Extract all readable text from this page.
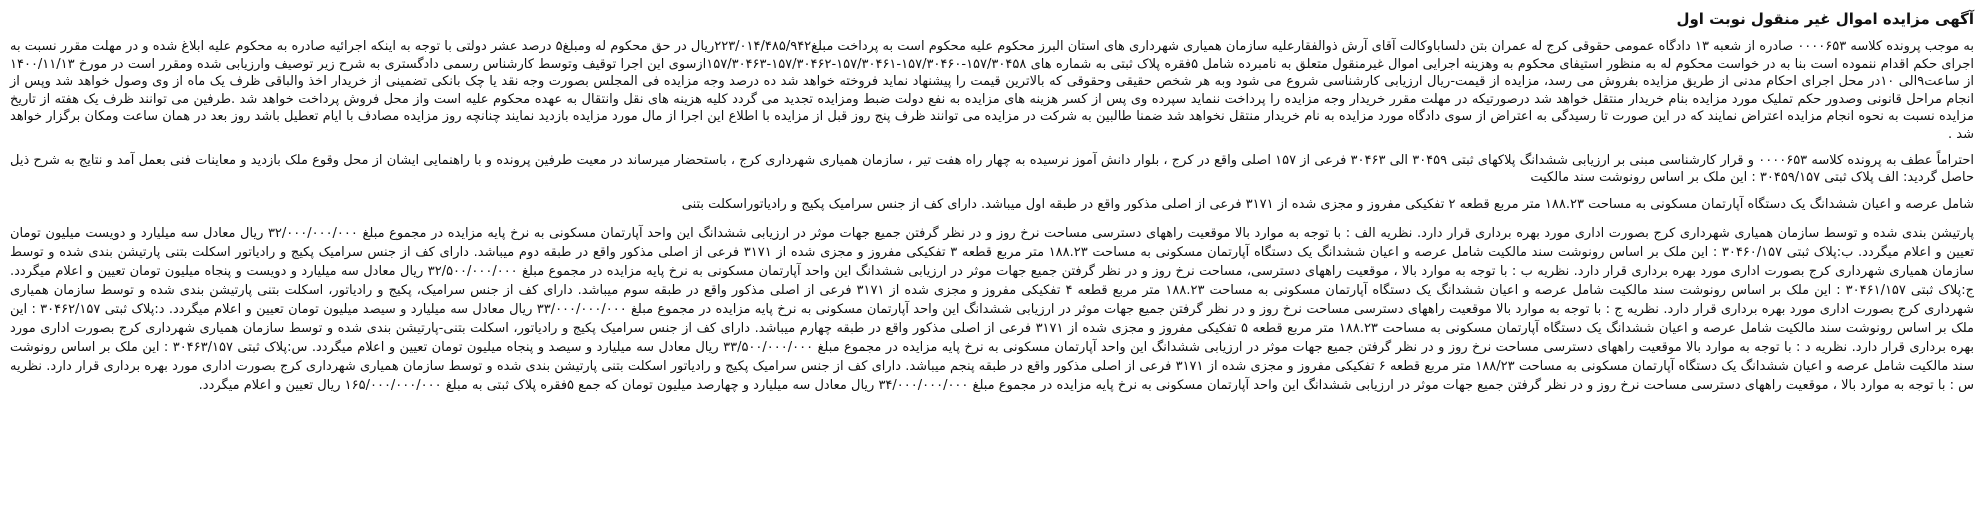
آگهی مزایده اموال غیر منقول نوبت اول

به موجب پرونده کلاسه ۰۰۰۰۶۵۳ صادره از شعبه ۱۳ دادگاه عمومی حقوقی کرج له عمران بتن دلساباوکالت آقای آرش ذوالفقارعلیه سازمان همیاری شهرداری های استان البرز محکوم علیه محکوم است به پرداخت مبلغ۲۲۳/۰۱۴/۴۸۵/۹۴۲ریال در حق محکوم له ومبلغ۵ درصد عشر دولتی با توجه به اینکه اجرائیه صادره به محکوم علیه ابلاغ شده و در مهلت مقرر نسبت به اجرای حکم اقدام ننموده است بنا به در خواست محکوم له به منظور استیفای محکوم به وهزینه اجرایی اموال غیرمنقول متعلق به نامبرده شامل ۵فقره پلاک ثبتی به شماره های ۱۵۷/۳۰۴۵۸-۱۵۷/۳۰۴۶۰-۱۵۷/۳۰۴۶۱-۱۵۷/۳۰۴۶۲-۱۵۷/۳۰۴۶۳ازسوی این اجرا توقیف وتوسط کارشناس رسمی دادگستری به شرح زیر توصیف وارزیابی شده ومقرر است در مورخ ۱۴۰۰/۱۱/۱۳ از ساعت۹الی ۱۰در محل اجرای احکام مدنی از طریق مزایده بفروش می رسد، مزایده از قیمت-ریال ارزیابی کارشناسی شروع می شود وبه هر شخص حقیقی وحقوقی که بالاترین قیمت را پیشنهاد نماید فروخته خواهد شد ده درصد وجه مزایده فی المجلس بصورت وجه نقد یا چک بانکی تضمینی از خریدار اخذ والباقی ظرف یک ماه از وی وصول خواهد شد وپس از انجام مراحل قانونی وصدور حکم تملیک مورد مزایده بنام خریدار منتقل خواهد شد درصورتیکه در مهلت مقرر خریدار وجه مزایده را پرداخت ننماید سپرده وی پس از کسر هزینه های مزایده به نفع دولت ضبط ومزایده تجدید می گردد کلیه هزینه های نقل وانتقال به عهده محکوم علیه است واز محل فروش پرداخت خواهد شد .طرفین می توانند ظرف یک هفته از تاریخ مزایده نسبت به نحوه انجام مزایده اعتراض نمایند که در این صورت تا رسیدگی به اعتراض از سوی دادگاه مورد مزایده به نام خریدار منتقل نخواهد شد ضمنا طالبین به شرکت در مزایده می توانند ظرف پنج روز قبل از مزایده با اطلاع این اجرا از مال مورد مزایده بازدید نمایند چنانچه روز مزایده مصادف با ایام تعطیل باشد روز بعد در همان ساعت ومکان برگزار خواهد شد .

احتراماً عطف به پرونده کلاسه ۰۰۰۰۶۵۳ و قرار کارشناسی مبنی بر ارزیابی ششدانگ پلاکهای ثبتی ۳۰۴۵۹ الی ۳۰۴۶۳ فرعی از ۱۵۷ اصلی واقع در کرج ، بلوار دانش آموز نرسیده به چهار راه هفت تیر ، سازمان همیاری شهرداری کرج ، باستحضار میرساند در معیت طرفین پرونده و با راهنمایی ایشان از محل وقوع ملک بازدید و معاینات فنی بعمل آمد و نتایج به شرح ذیل حاصل گردید: الف پلاک ثبتی ۳۰۴۵۹/۱۵۷ : این ملک بر اساس رونوشت سند مالکیت

شامل عرصه و اعیان ششدانگ یک دستگاه آپارتمان مسکونی به مساحت ۱۸۸.۲۳ متر مربع قطعه ۲ تفکیکی مفروز و مجزی شده از ۳۱۷۱ فرعی از اصلی مذکور واقع در طبقه اول میباشد. دارای کف از جنس سرامیک پکیج و رادیاتوراسکلت بتنی

پارتیشن بندی شده و توسط سازمان همیاری شهرداری کرج بصورت اداری مورد بهره برداری قرار دارد. نظریه الف : با توجه به موارد بالا موقعیت راههای دسترسی مساحت نرخ روز و در نظر گرفتن جمیع جهات موثر در ارزیابی ششدانگ این واحد آپارتمان مسکونی به نرخ پایه مزایده در مجموع مبلغ ۳۲/۰۰۰/۰۰۰/۰۰۰ ریال معادل سه میلیارد و دویست میلیون تومان تعیین و اعلام میگردد. ب:پلاک ثبتی ۳۰۴۶۰/۱۵۷ : این ملک بر اساس رونوشت سند مالکیت شامل عرصه و اعیان ششدانگ یک دستگاه آپارتمان مسکونی به مساحت ۱۸۸.۲۳ متر مربع قطعه ۳ تفکیکی مفروز و مجزی شده از ۳۱۷۱ فرعی از اصلی مذکور واقع در طبقه دوم میباشد. دارای کف از جنس سرامیک پکیج و رادیاتور اسکلت بتنی پارتیشن بندی شده و توسط سازمان همیاری شهرداری کرج بصورت اداری مورد بهره برداری قرار دارد. نظریه ب : با توجه به موارد بالا ، موقعیت راههای دسترسی، مساحت نرخ روز و در نظر گرفتن جمیع جهات موثر در ارزیابی ششدانگ این واحد آپارتمان مسکونی به نرخ پایه مزایده در مجموع مبلغ ۳۲/۵۰۰/۰۰۰/۰۰۰ ریال معادل سه میلیارد و دویست و پنجاه میلیون تومان تعیین و اعلام میگردد. ج:پلاک ثبتی ۳۰۴۶۱/۱۵۷ : این ملک بر اساس رونوشت سند مالکیت شامل عرصه و اعیان ششدانگ یک دستگاه آپارتمان مسکونی به مساحت ۱۸۸.۲۳ متر مربع قطعه ۴ تفکیکی مفروز و مجزی شده از ۳۱۷۱ فرعی از اصلی مذکور واقع در طبقه سوم میباشد. دارای کف از جنس سرامیک، پکیج و رادیاتور، اسکلت بتنی پارتیشن بندی شده و توسط سازمان همیاری شهرداری کرج بصورت اداری مورد بهره برداری قرار دارد. نظریه ج : با توجه به موارد بالا موقعیت راههای دسترسی مساحت نرخ روز و در نظر گرفتن جمیع جهات موثر در ارزیابی ششدانگ این واحد آپارتمان مسکونی به نرخ پایه مزایده در مجموع مبلغ ۳۳/۰۰۰/۰۰۰/۰۰۰ ریال معادل سه میلیارد و سیصد میلیون تومان تعیین و اعلام میگردد. د:پلاک ثبتی ۳۰۴۶۲/۱۵۷ : این ملک بر اساس رونوشت سند مالکیت شامل عرصه و اعیان ششدانگ یک دستگاه آپارتمان مسکونی به مساحت ۱۸۸.۲۳ متر مربع قطعه ۵ تفکیکی مفروز و مجزی شده از ۳۱۷۱ فرعی از اصلی مذکور واقع در طبقه چهارم میباشد. دارای کف از جنس سرامیک پکیج و رادیاتور، اسکلت بتنی-پارتیشن بندی شده و توسط سازمان همیاری شهرداری کرج بصورت اداری مورد بهره برداری قرار دارد. نظریه د : با توجه به موارد بالا موقعیت راههای دسترسی مساحت نرخ روز و در نظر گرفتن جمیع جهات موثر در ارزیابی ششدانگ این واحد آپارتمان مسکونی به نرخ پایه مزایده در مجموع مبلغ ۳۳/۵۰۰/۰۰۰/۰۰۰ ریال معادل سه میلیارد و سیصد و پنجاه میلیون تومان تعیین و اعلام میگردد. س:پلاک ثبتی ۳۰۴۶۳/۱۵۷ : این ملک بر اساس رونوشت سند مالکیت شامل عرصه و اعیان ششدانگ یک دستگاه آپارتمان مسکونی به مساحت ۱۸۸/۲۳ متر مربع قطعه ۶ تفکیکی مفروز و مجزی شده از ۳۱۷۱ فرعی از اصلی مذکور واقع در طبقه پنجم میباشد. دارای کف از جنس سرامیک پکیج و رادیاتور اسکلت بتنی پارتیشن بندی شده و توسط سازمان همیاری شهرداری کرج بصورت اداری مورد بهره برداری قرار دارد. نظریه س : با توجه به موارد بالا ، موقعیت راههای دسترسی مساحت نرخ روز و در نظر گرفتن جمیع جهات موثر در ارزیابی ششدانگ این واحد آپارتمان مسکونی به نرخ پایه مزایده در مجموع مبلغ ۳۴/۰۰۰/۰۰۰/۰۰۰ ریال معادل سه میلیارد و چهارصد میلیون تومان که جمع ۵فقره پلاک ثبتی به مبلغ ۱۶۵/۰۰۰/۰۰۰/۰۰۰ ریال تعیین و اعلام میگردد.
